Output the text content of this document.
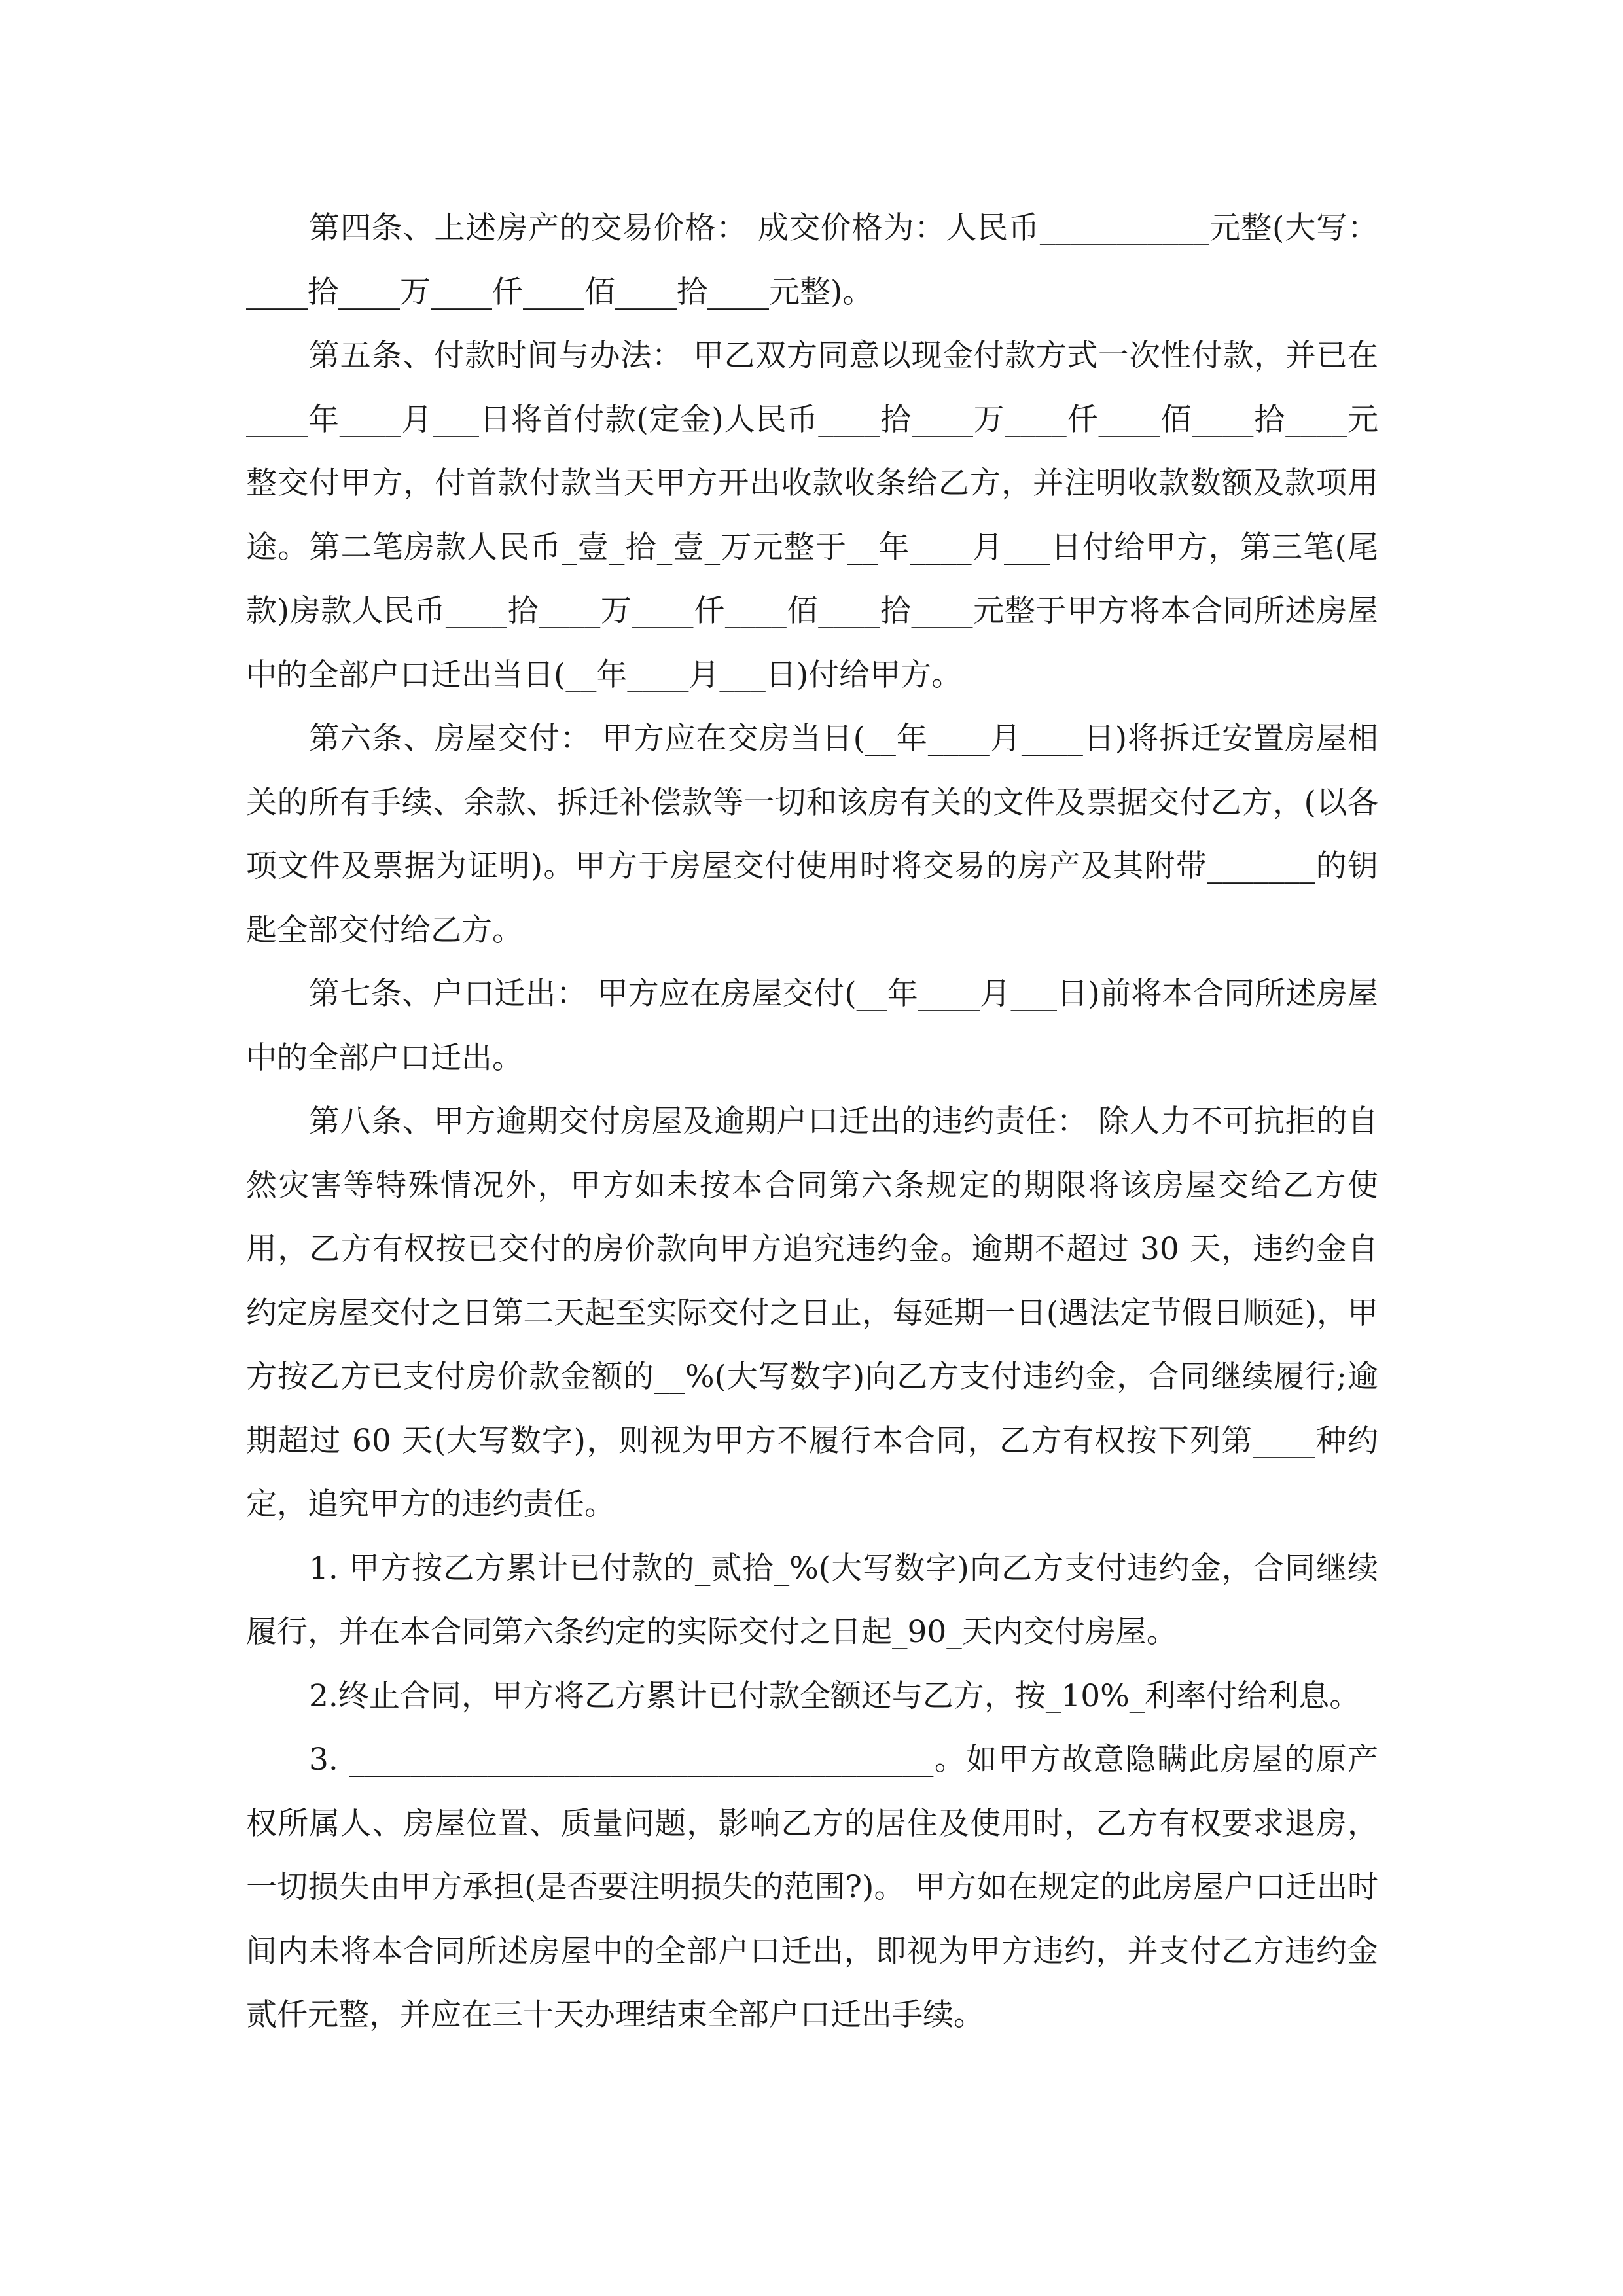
第四条、上述房产的交易价格： 成交价格为：人民币___________元整(大写：____拾____万____仟____佰____拾____元整)。

第五条、付款时间与办法： 甲乙双方同意以现金付款方式一次性付款，并已在____年____月___日将首付款(定金)人民币____拾____万____仟____佰____拾____元整交付甲方，付首款付款当天甲方开出收款收条给乙方，并注明收款数额及款项用途。第二笔房款人民币_壹_拾_壹_万元整于__年____月___日付给甲方，第三笔(尾款)房款人民币____拾____万____仟____佰____拾____元整于甲方将本合同所述房屋中的全部户口迁出当日(__年____月___日)付给甲方。

第六条、房屋交付： 甲方应在交房当日(__年____月____日)将拆迁安置房屋相关的所有手续、余款、拆迁补偿款等一切和该房有关的文件及票据交付乙方，(以各项文件及票据为证明)。甲方于房屋交付使用时将交易的房产及其附带_______的钥匙全部交付给乙方。

第七条、户口迁出： 甲方应在房屋交付(__年____月___日)前将本合同所述房屋中的全部户口迁出。

第八条、甲方逾期交付房屋及逾期户口迁出的违约责任： 除人力不可抗拒的自然灾害等特殊情况外，甲方如未按本合同第六条规定的期限将该房屋交给乙方使用，乙方有权按已交付的房价款向甲方追究违约金。逾期不超过 30 天，违约金自约定房屋交付之日第二天起至实际交付之日止，每延期一日(遇法定节假日顺延)，甲方按乙方已支付房价款金额的__%(大写数字)向乙方支付违约金，合同继续履行;逾期超过 60 天(大写数字)，则视为甲方不履行本合同，乙方有权按下列第____种约定，追究甲方的违约责任。

1. 甲方按乙方累计已付款的_贰拾_%(大写数字)向乙方支付违约金，合同继续履行，并在本合同第六条约定的实际交付之日起_90_天内交付房屋。

2.终止合同，甲方将乙方累计已付款全额还与乙方，按_10%_利率付给利息。

3. ______________________________________。如甲方故意隐瞒此房屋的原产权所属人、房屋位置、质量问题，影响乙方的居住及使用时，乙方有权要求退房，一切损失由甲方承担(是否要注明损失的范围?)。 甲方如在规定的此房屋户口迁出时间内未将本合同所述房屋中的全部户口迁出，即视为甲方违约，并支付乙方违约金贰仟元整，并应在三十天办理结束全部户口迁出手续。
